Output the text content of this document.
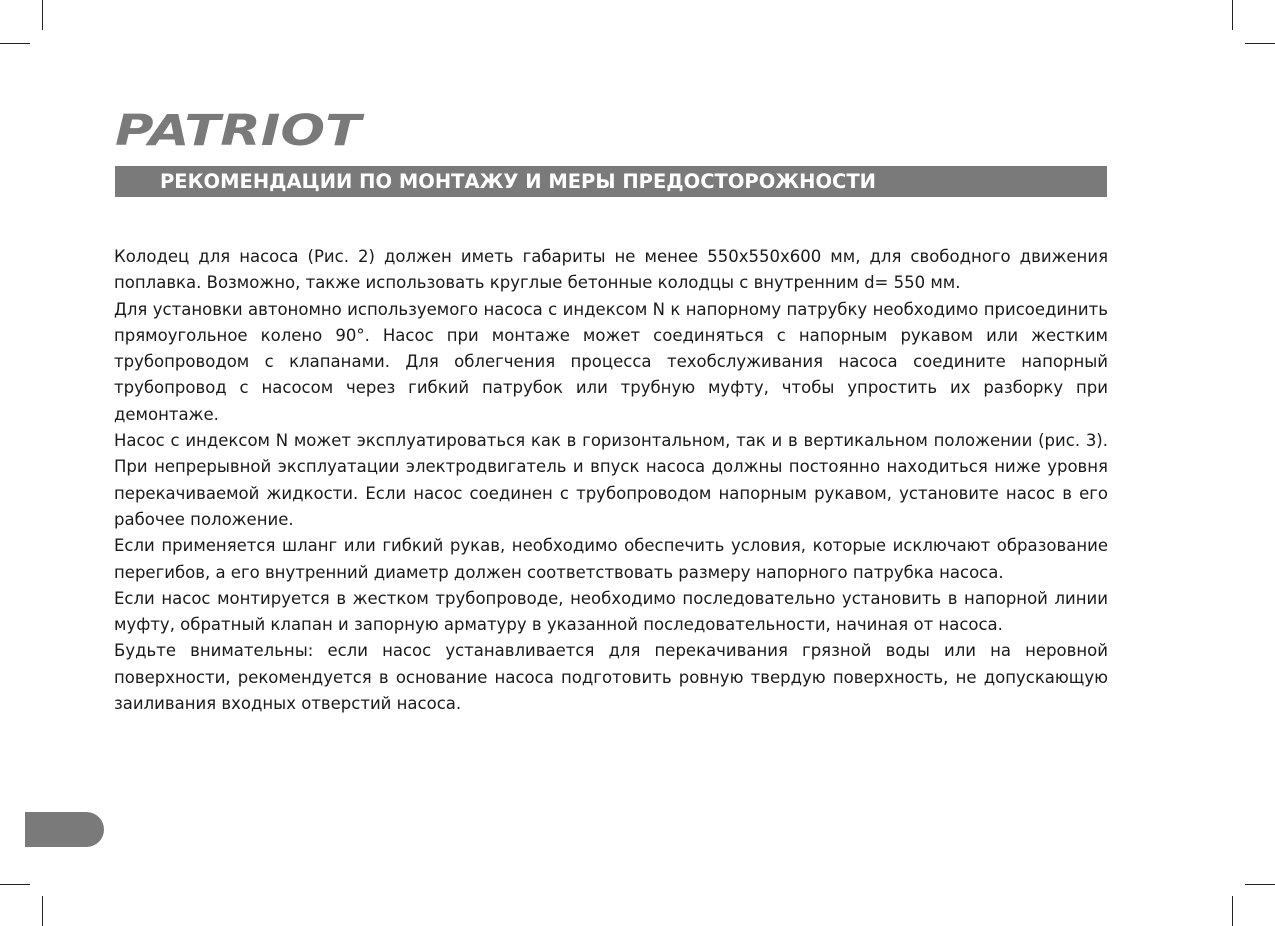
PATRIOT
РЕКОМЕНДАЦИИ ПО МОНТАЖУ И МЕРЫ ПРЕДОСТОРОЖНОСТИ

Колодец для насоса (Рис. 2) должен иметь габариты не менее 550х550х600 мм, для свободного движения поплавка. Возможно, также использовать круглые бетонные колодцы с внутренним d= 550 мм.

Для установки автономно используемого насоса с индексом N к напорному патрубку необходимо присоединить прямоугольное колено 90°. Насос при монтаже может соединяться с напорным рукавом или жестким трубопроводом с клапанами. Для облегчения процесса техобслуживания насоса соедините напорный трубопровод с насосом через гибкий патрубок или трубную муфту, чтобы упростить их разборку при демонтаже.

Насос с индексом N может эксплуатироваться как в горизонтальном, так и в вертикальном положении (рис. 3). При непрерывной эксплуатации электродвигатель и впуск насоса должны постоянно находиться ниже уровня перекачиваемой жидкости. Если насос соединен с трубопроводом напорным рукавом, установите насос в его рабочее положение.

Если применяется шланг или гибкий рукав, необходимо обеспечить условия, которые исключают образование перегибов, а его внутренний диаметр должен соответствовать размеру напорного патрубка насоса.

Если насос монтируется в жестком трубопроводе, необходимо последовательно установить в напорной линии муфту, обратный клапан и запорную арматуру в указанной последовательности, начиная от насоса.

Будьте внимательны: если насос устанавливается для перекачивания грязной воды или на неровной поверхности, рекомендуется в основание насоса подготовить ровную твердую поверхность, не допускающую заиливания входных отверстий насоса.
